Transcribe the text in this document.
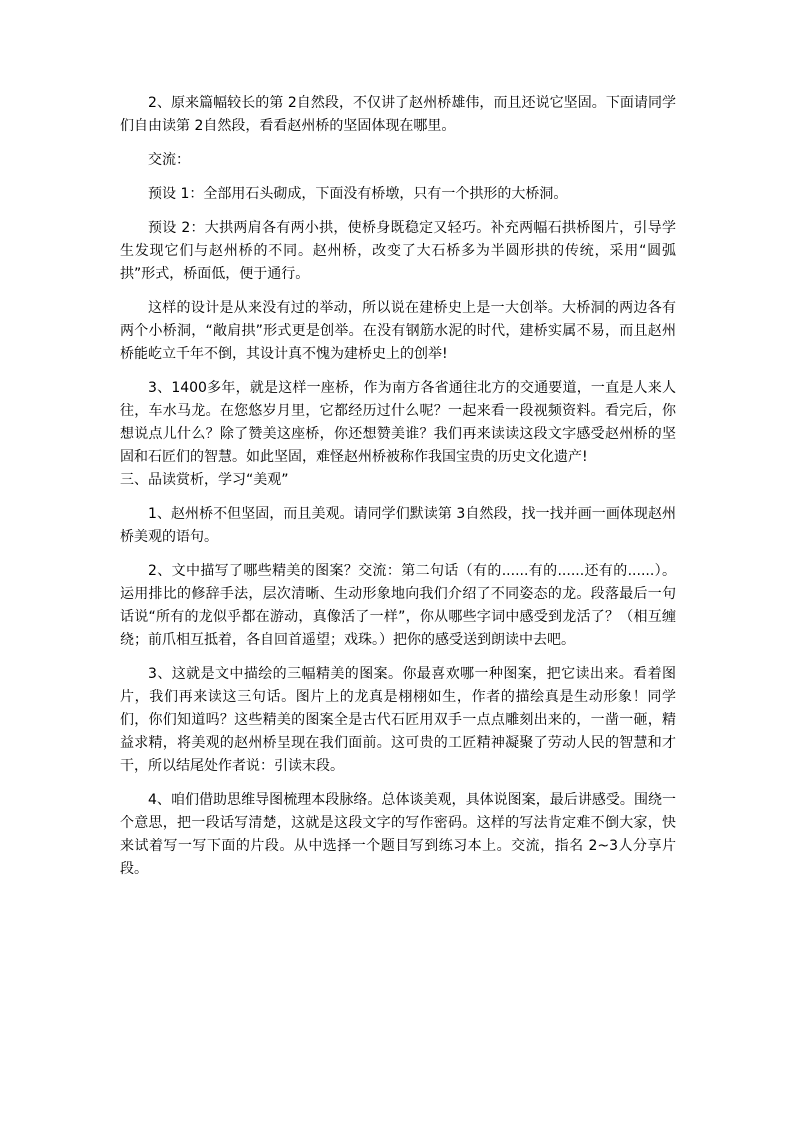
2、原来篇幅较长的第 2自然段，不仅讲了赵州桥雄伟，而且还说它坚固。下面请同学们自由读第 2自然段，看看赵州桥的坚固体现在哪里。

交流：

预设 1：全部用石头砌成，下面没有桥墩，只有一个拱形的大桥洞。

预设 2：大拱两肩各有两小拱，使桥身既稳定又轻巧。补充两幅石拱桥图片，引导学生发现它们与赵州桥的不同。赵州桥，改变了大石桥多为半圆形拱的传统，采用“圆弧拱”形式，桥面低，便于通行。

这样的设计是从来没有过的举动，所以说在建桥史上是一大创举。大桥洞的两边各有两个小桥洞，“敞肩拱”形式更是创举。在没有钢筋水泥的时代，建桥实属不易，而且赵州桥能屹立千年不倒，其设计真不愧为建桥史上的创举!

3、1400多年，就是这样一座桥，作为南方各省通往北方的交通要道，一直是人来人往，车水马龙。在您悠岁月里，它都经历过什么呢？一起来看一段视频资料。看完后，你想说点儿什么？除了赞美这座桥，你还想赞美谁？我们再来读读这段文字感受赵州桥的坚固和石匠们的智慧。如此坚固，难怪赵州桥被称作我国宝贵的历史文化遗产!

三、品读赏析，学习“美观”

1、赵州桥不但坚固，而且美观。请同学们默读第 3自然段，找一找并画一画体现赵州桥美观的语句。

2、文中描写了哪些精美的图案？交流：第二句话（有的......有的......还有的......）。运用排比的修辞手法，层次清晰、生动形象地向我们介绍了不同姿态的龙。段落最后一句话说“所有的龙似乎都在游动，真像活了一样”，你从哪些字词中感受到龙活了？（相互缠绕；前爪相互抵着，各自回首遥望；戏珠。）把你的感受送到朗读中去吧。

3、这就是文中描绘的三幅精美的图案。你最喜欢哪一种图案，把它读出来。看着图片，我们再来读这三句话。图片上的龙真是栩栩如生，作者的描绘真是生动形象！同学们，你们知道吗？这些精美的图案全是古代石匠用双手一点点雕刻出来的，一凿一砸，精益求精，将美观的赵州桥呈现在我们面前。这可贵的工匠精神凝聚了劳动人民的智慧和才干，所以结尾处作者说：引读末段。

4、咱们借助思维导图梳理本段脉络。总体谈美观，具体说图案，最后讲感受。围绕一个意思，把一段话写清楚，这就是这段文字的写作密码。这样的写法肯定难不倒大家，快来试着写一写下面的片段。从中选择一个题目写到练习本上。交流，指名 2~3人分享片段。
